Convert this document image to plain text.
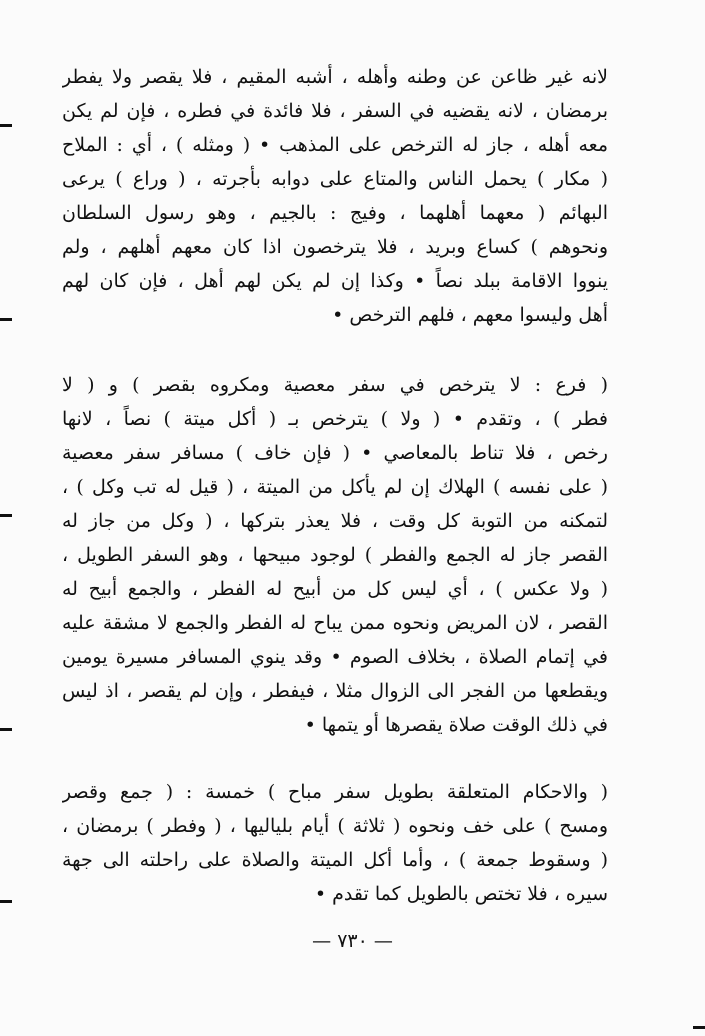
لانه غير ظاعن عن وطنه وأهله ، أشبه المقيم ، فلا يقصر ولا يفطر
برمضان ، لانه يقضيه في السفر ، فلا فائدة في فطره ، فإن لم يكن
معه أهله ، جاز له الترخص على المذهب • ( ومثله ) ، أي : الملاح
( مكار ) يحمل الناس والمتاع على دوابه بأجرته ، ( وراع ) يرعى
البهائم ( معهما أهلهما ، وفيج : بالجيم ، وهو رسول السلطان
ونحوهم ) كساع وبريد ، فلا يترخصون اذا كان معهم أهلهم ، ولم
ينووا الاقامة ببلد نصاً • وكذا إن لم يكن لهم أهل ، فإن كان لهم
أهل وليسوا معهم ، فلهم الترخص •
( فرع : لا يترخص في سفر معصية ومكروه بقصر ) و ( لا
فطر ) ، وتقدم • ( ولا ) يترخص بـ ( أكل ميتة ) نصاً ، لانها
رخص ، فلا تناط بالمعاصي • ( فإن خاف ) مسافر سفر معصية
( على نفسه ) الهلاك إن لم يأكل من الميتة ، ( قيل له تب وكل ) ،
لتمكنه من التوبة كل وقت ، فلا يعذر بتركها ، ( وكل من جاز له
القصر جاز له الجمع والفطر ) لوجود مبيحها ، وهو السفر الطويل ،
( ولا عكس ) ، أي ليس كل من أبيح له الفطر ، والجمع أبيح له
القصر ، لان المريض ونحوه ممن يباح له الفطر والجمع لا مشقة عليه
في إتمام الصلاة ، بخلاف الصوم • وقد ينوي المسافر مسيرة يومين
ويقطعها من الفجر الى الزوال مثلا ، فيفطر ، وإن لم يقصر ، اذ ليس
في ذلك الوقت صلاة يقصرها أو يتمها •
( والاحكام المتعلقة بطويل سفر مباح ) خمسة : ( جمع وقصر
ومسح ) على خف ونحوه ( ثلاثة ) أيام بلياليها ، ( وفطر ) برمضان ،
( وسقوط جمعة ) ، وأما أكل الميتة والصلاة على راحلته الى جهة
سيره ، فلا تختص بالطويل كما تقدم •
— ٧٣٠ —
